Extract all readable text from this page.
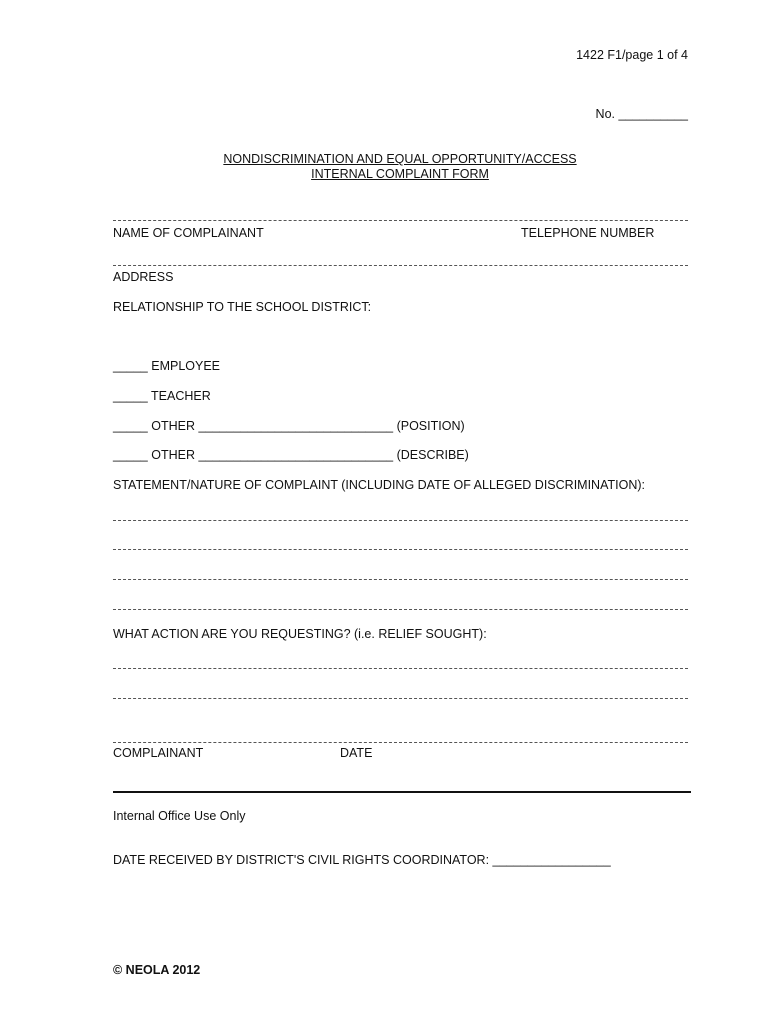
1422 F1/page 1 of 4
No. __________
NONDISCRIMINATION AND EQUAL OPPORTUNITY/ACCESS
INTERNAL COMPLAINT FORM
NAME OF COMPLAINANT	TELEPHONE NUMBER
ADDRESS
RELATIONSHIP TO THE SCHOOL DISTRICT:
_____ EMPLOYEE
_____ TEACHER
_____ OTHER ____________________________ (POSITION)
_____ OTHER ____________________________ (DESCRIBE)
STATEMENT/NATURE OF COMPLAINT (INCLUDING DATE OF ALLEGED DISCRIMINATION):
WHAT ACTION ARE YOU REQUESTING? (i.e. RELIEF SOUGHT):
COMPLAINANT	DATE
Internal Office Use Only
DATE RECEIVED BY DISTRICT'S CIVIL RIGHTS COORDINATOR: _________________
© NEOLA 2012
